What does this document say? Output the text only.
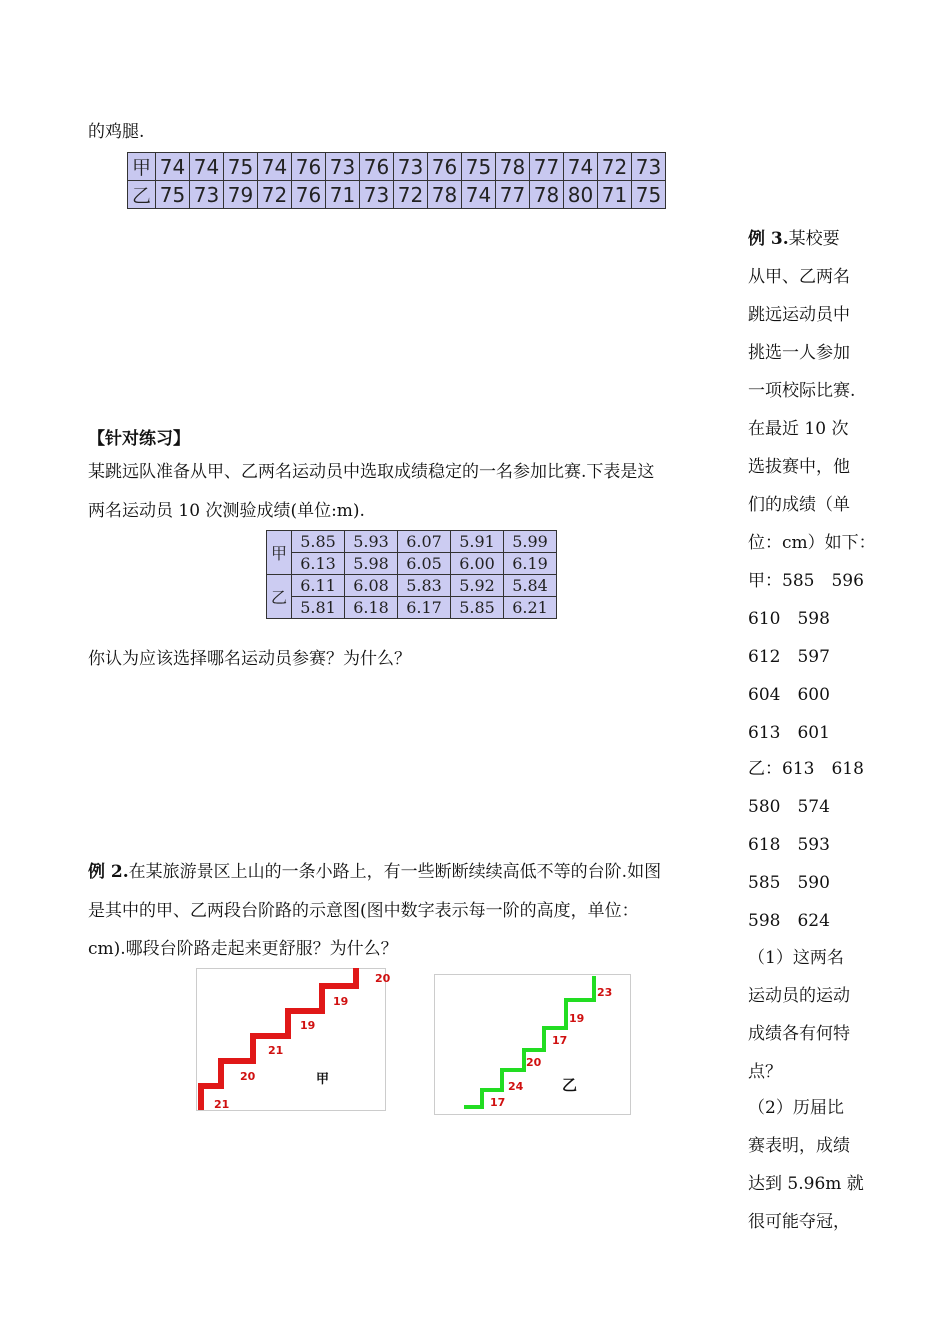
的鸡腿.
甲	74	74	75	74	76	73	76	73	76	75	78	77	74	72	73
乙	75	73	79	72	76	71	73	72	78	74	77	78	80	71	75
【针对练习】
某跳远队准备从甲、乙两名运动员中选取成绩稳定的一名参加比赛.下表是这
两名运动员 10 次测验成绩(单位:m).
甲	5.85	5.93	6.07	5.91	5.99
	6.13	5.98	6.05	6.00	6.19
乙	6.11	6.08	5.83	5.92	5.84
	5.81	6.18	6.17	5.85	6.21
你认为应该选择哪名运动员参赛？为什么？
例 2.在某旅游景区上山的一条小路上，有一些断断续续高低不等的台阶.如图
是其中的甲、乙两段台阶路的示意图(图中数字表示每一阶的高度，单位：
cm).哪段台阶路走起来更舒服？为什么？
21
20
21
19
19
20
甲
17
24
20
17
19
23
乙
例 3.某校要
从甲、乙两名
跳远运动员中
挑选一人参加
一项校际比赛.
在最近 10 次
选拔赛中，他
们的成绩（单
位：cm）如下：
甲：585　596
610　598
612　597
604　600
613　601
乙：613　618
580　574
618　593
585　590
598　624
（1）这两名
运动员的运动
成绩各有何特
点？
（2）历届比
赛表明，成绩
达到 5.96m 就
很可能夺冠，
